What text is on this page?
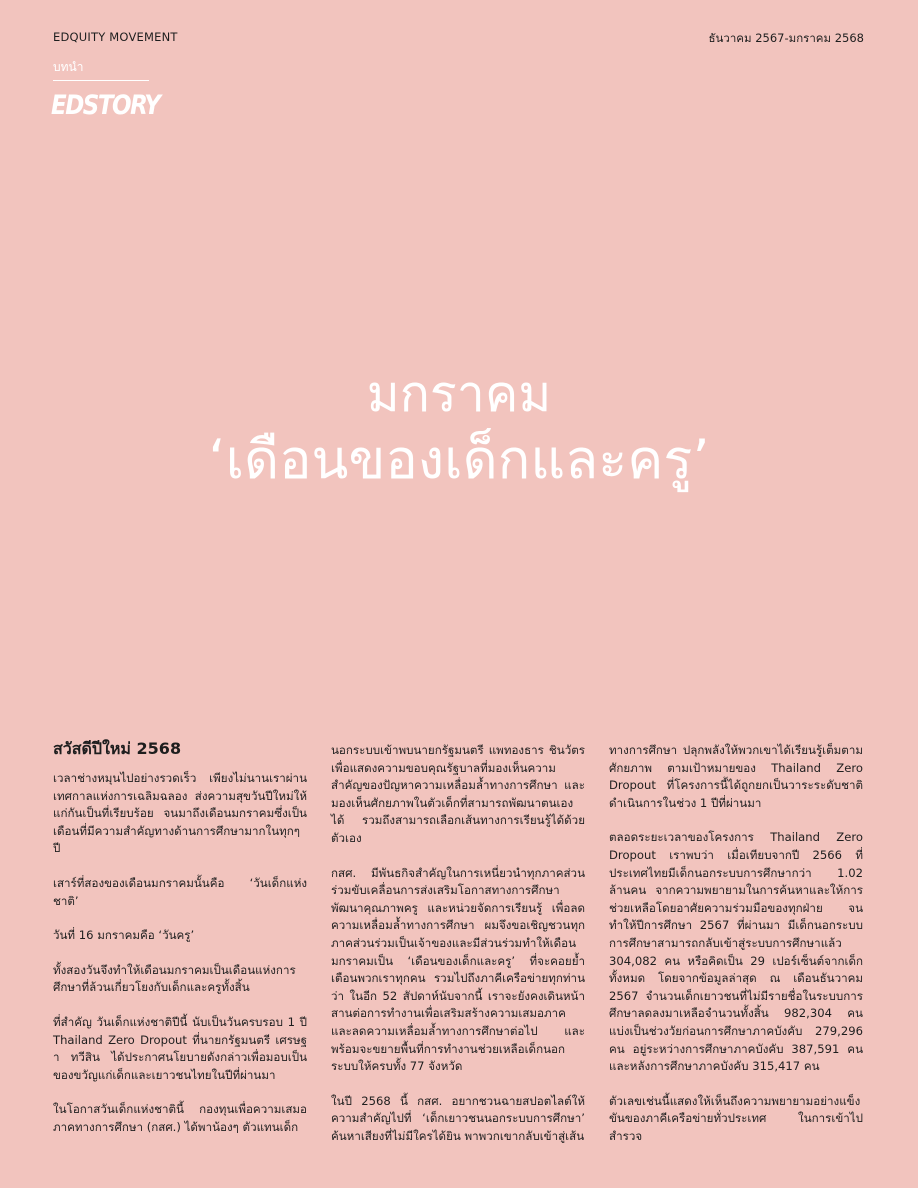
EDQUITY MOVEMENT	ธันวาคม 2567-มกราคม 2568
บทนำ
EDSTORY
มกราคม
‘เดือนของเด็กและครู’
สวัสดีปีใหม่ 2568

เวลาช่างหมุนไปอย่างรวดเร็ว เพียงไม่นานเราผ่านเทศกาลแห่งการเฉลิมฉลอง ส่งความสุขวันปีใหม่ให้แก่กันเป็นที่เรียบร้อย จนมาถึงเดือนมกราคมซึ่งเป็นเดือนที่มีความสำคัญทางด้านการศึกษามากในทุกๆ ปี

เสาร์ที่สองของเดือนมกราคมนั้นคือ ‘วันเด็กแห่งชาติ’

วันที่ 16 มกราคมคือ ‘วันครู’

ทั้งสองวันจึงทำให้เดือนมกราคมเป็นเดือนแห่งการศึกษาที่ล้วนเกี่ยวโยงกับเด็กและครูทั้งสิ้น

ที่สำคัญ วันเด็กแห่งชาติปีนี้ นับเป็นวันครบรอบ 1 ปี Thailand Zero Dropout ที่นายกรัฐมนตรี เศรษฐา ทวีสิน ได้ประกาศนโยบายดังกล่าวเพื่อมอบเป็นของขวัญแก่เด็กและเยาวชนไทยในปีที่ผ่านมา

ในโอกาสวันเด็กแห่งชาตินี้ กองทุนเพื่อความเสมอภาคทางการศึกษา (กสศ.) ได้พาน้องๆ ตัวแทนเด็ก

นอกระบบเข้าพบนายกรัฐมนตรี แพทองธาร ชินวัตร เพื่อแสดงความขอบคุณรัฐบาลที่มองเห็นความสำคัญของปัญหาความเหลื่อมล้ำทางการศึกษา และมองเห็นศักยภาพในตัวเด็กที่สามารถพัฒนาตนเองได้ รวมถึงสามารถเลือกเส้นทางการเรียนรู้ได้ด้วยตัวเอง

กสศ. มีพันธกิจสำคัญในการเหนี่ยวนำทุกภาคส่วนร่วมขับเคลื่อนการส่งเสริมโอกาสทางการศึกษา พัฒนาคุณภาพครู และหน่วยจัดการเรียนรู้ เพื่อลดความเหลื่อมล้ำทางการศึกษา ผมจึงขอเชิญชวนทุกภาคส่วนร่วมเป็นเจ้าของและมีส่วนร่วมทำให้เดือนมกราคมเป็น ‘เดือนของเด็กและครู’ ที่จะคอยย้ำเตือนพวกเราทุกคน รวมไปถึงภาคีเครือข่ายทุกท่านว่า ในอีก 52 สัปดาห์นับจากนี้ เราจะยังคงเดินหน้าสานต่อการทำงานเพื่อเสริมสร้างความเสมอภาคและลดความเหลื่อมล้ำทางการศึกษาต่อไป และพร้อมจะขยายพื้นที่การทำงานช่วยเหลือเด็กนอกระบบให้ครบทั้ง 77 จังหวัด

ในปี 2568 นี้ กสศ. อยากชวนฉายสปอตไลต์ให้ความสำคัญไปที่ ‘เด็กเยาวชนนอกระบบการศึกษา’ ค้นหาเสียงที่ไม่มีใครได้ยิน พาพวกเขากลับเข้าสู่เส้น

ทางการศึกษา ปลุกพลังให้พวกเขาได้เรียนรู้เต็มตามศักยภาพ ตามเป้าหมายของ Thailand Zero Dropout ที่โครงการนี้ได้ถูกยกเป็นวาระระดับชาติดำเนินการในช่วง 1 ปีที่ผ่านมา

ตลอดระยะเวลาของโครงการ Thailand Zero Dropout เราพบว่า เมื่อเทียบจากปี 2566 ที่ประเทศไทยมีเด็กนอกระบบการศึกษากว่า 1.02 ล้านคน จากความพยายามในการค้นหาและให้การช่วยเหลือโดยอาศัยความร่วมมือของทุกฝ่าย จนทำให้ปีการศึกษา 2567 ที่ผ่านมา มีเด็กนอกระบบการศึกษาสามารถกลับเข้าสู่ระบบการศึกษาแล้ว 304,082 คน หรือคิดเป็น 29 เปอร์เซ็นต์จากเด็กทั้งหมด โดยจากข้อมูลล่าสุด ณ เดือนธันวาคม 2567 จำนวนเด็กเยาวชนที่ไม่มีรายชื่อในระบบการศึกษาลดลงมาเหลือจำนวนทั้งสิ้น 982,304 คน แบ่งเป็นช่วงวัยก่อนการศึกษาภาคบังคับ 279,296 คน อยู่ระหว่างการศึกษาภาคบังคับ 387,591 คน และหลังการศึกษาภาคบังคับ 315,417 คน

ตัวเลขเช่นนี้แสดงให้เห็นถึงความพยายามอย่างแข็งขันของภาคีเครือข่ายทั่วประเทศ ในการเข้าไปสำรวจ
